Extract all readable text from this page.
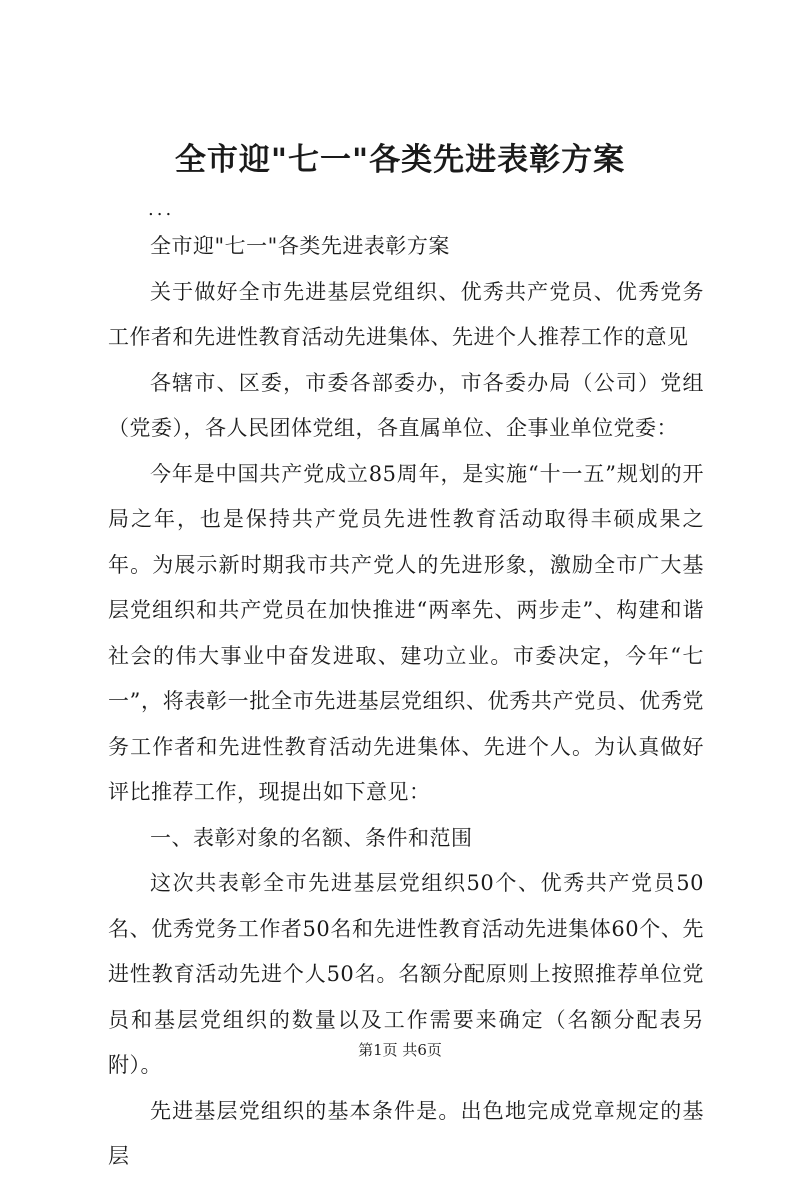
全市迎"七一"各类先进表彰方案
...

全市迎"七一"各类先进表彰方案

关于做好全市先进基层党组织、优秀共产党员、优秀党务工作者和先进性教育活动先进集体、先进个人推荐工作的意见

各辖市、区委，市委各部委办，市各委办局（公司）党组（党委），各人民团体党组，各直属单位、企事业单位党委：

今年是中国共产党成立85周年，是实施“十一五”规划的开局之年，也是保持共产党员先进性教育活动取得丰硕成果之年。为展示新时期我市共产党人的先进形象，激励全市广大基层党组织和共产党员在加快推进“两率先、两步走”、构建和谐社会的伟大事业中奋发进取、建功立业。市委决定，今年“七一”，将表彰一批全市先进基层党组织、优秀共产党员、优秀党务工作者和先进性教育活动先进集体、先进个人。为认真做好评比推荐工作，现提出如下意见：

一、表彰对象的名额、条件和范围

这次共表彰全市先进基层党组织50个、优秀共产党员50名、优秀党务工作者50名和先进性教育活动先进集体60个、先进性教育活动先进个人50名。名额分配原则上按照推荐单位党员和基层党组织的数量以及工作需要来确定（名额分配表另附）。

先进基层党组织的基本条件是。出色地完成党章规定的基层

第1页 共6页
